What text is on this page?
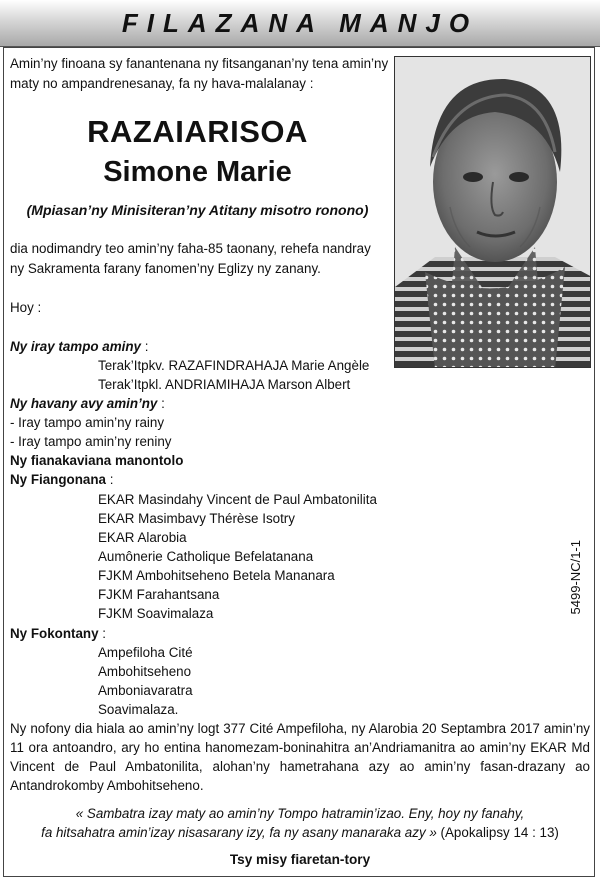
FILAZANA MANJO
Amin’ny finoana sy fanantenana ny fitsanganan’ny tena amin’ny
maty no ampandrenesanay, fa ny hava-malalanay :
RAZAIARISOA
Simone Marie
(Mpiasan’ny Minisiteran’ny Atitany misotro ronono)
dia nodimandry teo amin’ny faha-85 taonany, rehefa nandray
ny Sakramenta farany fanomen’ny Eglizy ny zanany.
Hoy :
Ny iray tampo aminy :
Terak’Itpkv. RAZAFINDRAHAJA Marie Angèle
Terak’Itpkl. ANDRIAMIHAJA Marson Albert
Ny havany avy amin’ny :
- Iray tampo amin’ny rainy
- Iray tampo amin’ny reniny
Ny fianakaviana manontolo
Ny Fiangonana :
EKAR Masindahy Vincent de Paul Ambatonilita
EKAR Masimbavy Thérèse Isotry
EKAR Alarobia
Aumônerie Catholique Befelatanana
FJKM Ambohitseheno Betela Mananara
FJKM Farahantsana
FJKM Soavimalaza
Ny Fokontany :
Ampefiloha Cité
Ambohitseheno
Amboniavaratra
Soavimalaza.
5499-NC/1-1
Ny nofony dia hiala ao amin’ny logt 377 Cité Ampefiloha, ny Alarobia 20 Septambra 2017 amin’ny
11 ora antoandro, ary ho entina hanomezam-boninahitra an’Andriamanitra ao amin’ny EKAR Md
Vincent de Paul Ambatonilita, alohan’ny hametrahana azy ao amin’ny fasan-drazany ao
Antandrokomby Ambohitseheno.
« Sambatra izay maty ao amin’ny Tompo hatramin’izao. Eny, hoy ny fanahy,
fa hitsahatra amin’izay nisasarany izy, fa ny asany manaraka azy » (Apokalipsy 14 : 13)
Tsy misy fiaretan-tory
